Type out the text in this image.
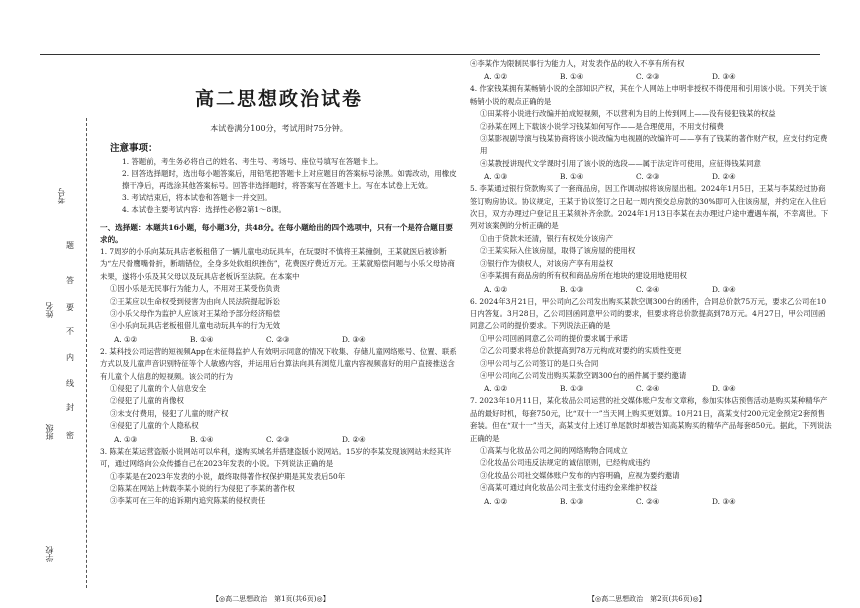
考号
姓名
班级
学校
题
答
要
不
内
线
封
密
高二思想政治试卷
本试卷满分100分，考试用时75分钟。
注意事项：
1. 答题前，考生务必将自己的姓名、考生号、考场号、座位号填写在答题卡上。
2. 回答选择题时，选出每小题答案后，用铅笔把答题卡上对应题目的答案标号涂黑。如需改动，用橡皮擦干净后，再选涂其他答案标号。回答非选择题时，将答案写在答题卡上。写在本试卷上无效。
3. 考试结束后，将本试卷和答题卡一并交回。
4. 本试卷主要考试内容：选择性必修2第1～8课。
一、选择题：本题共16小题，每小题3分，共48分。在每小题给出的四个选项中，只有一个是符合题目要求的。
1. 7周岁的小乐向某玩具店老板租借了一辆儿童电动玩具车，在玩耍时不慎将王某撞倒，王某就医后被诊断为“左尺骨鹰嘴骨折，断端错位，全身多处软组织挫伤”，花费医疗费近万元。王某就赔偿问题与小乐父母协商未果，遂将小乐及其父母以及玩具店老板诉至法院。在本案中
①因小乐是无民事行为能力人，不用对王某受伤负责
②王某应以生命权受到侵害为由向人民法院提起诉讼
③小乐父母作为监护人应该对王某给予部分经济赔偿
④小乐向玩具店老板租借儿童电动玩具车的行为无效
A. ①②	B. ①④	C. ②③	D. ③④
2. 某科技公司运营的短视频App在未征得监护人有效明示同意的情况下收集、存储儿童网络账号、位置、联系方式以及儿童声音识别特征等个人敏感内容，并运用后台算法向具有浏览儿童内容视频喜好的用户直接推送含有儿童个人信息的短视频。该公司的行为
①侵犯了儿童的个人信息安全
②侵犯了儿童的肖像权
③未支付费用，侵犯了儿童的财产权
④侵犯了儿童的个人隐私权
A. ①③	B. ①④	C. ②③	D. ②④
3. 陈某在某运营盗版小说网站可以牟利，遂购买域名并搭建盗版小说网站。15岁的李某发现该网站未经其许可，通过网络向公众传播自己在2023年发表的小说。下列说法正确的是
①李某是在2023年发表的小说，最终取得著作权保护期是其发表后50年
②陈某在网站上转载李某小说的行为侵犯了李某的著作权
③李某可在三年的追诉期内追究陈某的侵权责任
【◎高二思想政治　第1页(共6页)◎】
④李某作为限制民事行为能力人，对发表作品的收入不享有所有权
A. ①②	B. ①④	C. ②③	D. ③④
4. 作家钱某拥有某畅销小说的全部知识产权，其在个人网站上申明非授权不得使用和引用该小说。下列关于该畅销小说的观点正确的是
①田某将小说进行改编并拍成短视频，不以营利为目的上传到网上——没有侵犯钱某的权益
②孙某在网上下载该小说学习钱某如何写作——是合理使用，不用支付稿费
③某影视剧导演与钱某协商将该小说改编为电视剧的改编许可——享有了钱某的著作财产权，应支付约定费用
④某教授讲现代文学课时引用了该小说的选段——属于法定许可使用，应征得钱某同意
A. ①③	B. ①④	C. ②③	D. ②④
5. 李某通过银行贷款购买了一套商品房，因工作调动拟将该房屋出租。2024年1月5日，王某与李某经过协商签订购房协议。协议规定，王某于协议签订之日起一周内预交总房款的30%即可入住该房屋，并约定在入住后次日，双方办理过户登记且王某须补齐余款。2024年1月13日李某在去办理过户途中遭遇车祸，不幸离世。下列对该案例的分析正确的是
①由于贷款未还清，银行有权处分该房产
②王某实际入住该房屋，取得了该房屋的使用权
③银行作为债权人，对该房产享有用益权
④李某拥有商品房的所有权和商品房所在地块的建设用地使用权
A. ①②	B. ①③	C. ②④	D. ③④
6. 2024年3月21日，甲公司向乙公司发出购买某款空调300台的函件，合同总价款75万元，要求乙公司在10日内答复。3月28日，乙公司回函同意甲公司的要求，但要求将总价款提高到78万元。4月27日，甲公司回函同意乙公司的提价要求。下列说法正确的是
①甲公司回函同意乙公司的提价要求属于承诺
②乙公司要求将总价款提高到78万元构成对要约的实质性变更
③甲公司与乙公司签订的是口头合同
④甲公司向乙公司发出购买某款空调300台的函件属于要约邀请
A. ①②	B. ①③	C. ②④	D. ③④
7. 2023年10月11日，某化妆品公司运营的社交媒体账户发布文章称，参加实体店预售活动是购买某种精华产品的最好时机，每套750元，比“双十一”当天网上购买更划算。10月21日，高某支付200元定金预定2套预售套装。但在“双十一”当天，高某支付上述订单尾款时却被告知高某购买的精华产品每套850元。据此，下列说法正确的是
①高某与化妆品公司之间的网络购物合同成立
②化妆品公司违反法规定的诚信原则，已经构成违约
③化妆品公司社交媒体账户发布的内容明确，应视为要约邀请
④高某可通过向化妆品公司主张支付违约金来维护权益
A. ①②	B. ①③	C. ②④	D. ③④
【◎高二思想政治　第2页(共6页)◎】
